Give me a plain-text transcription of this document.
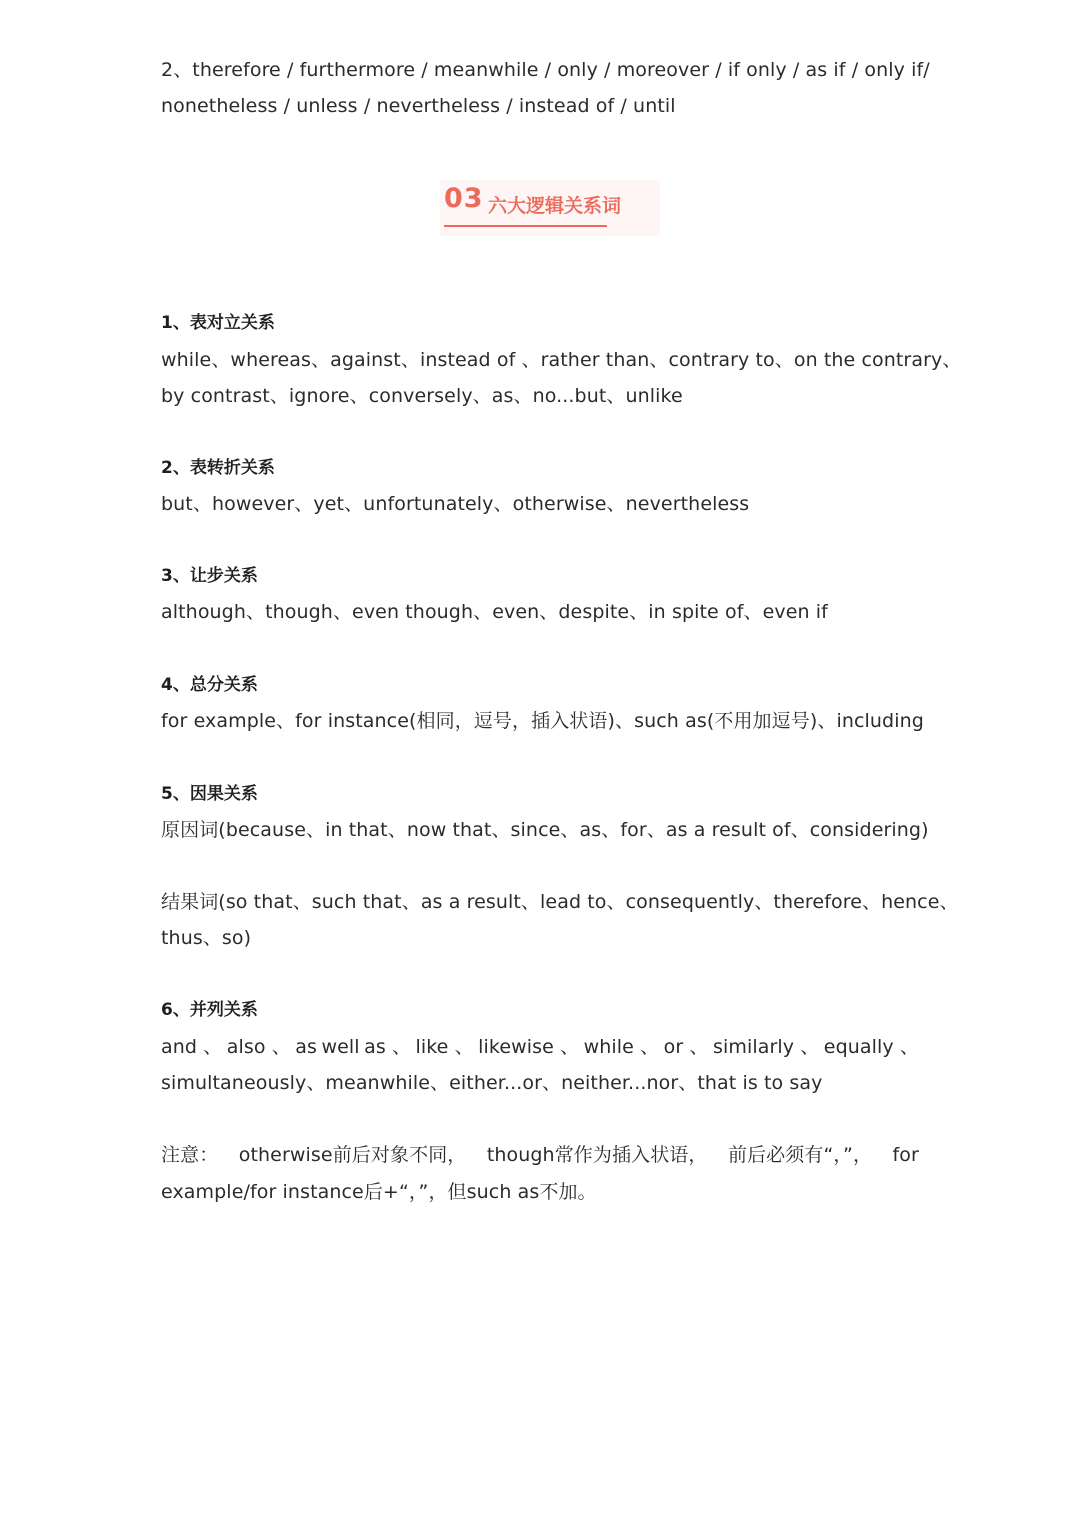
2、therefore / furthermore / meanwhile / only / moreover / if only / as if / only if/
nonetheless / unless / nevertheless / instead of / until
03 六大逻辑关系词
1、表对立关系
while、whereas、against、instead of 、rather than、contrary to、on the contrary、
by contrast、ignore、conversely、as、no...but、unlike
2、表转折关系
but、however、yet、unfortunately、otherwise、nevertheless
3、让步关系
although、though、even though、even、despite、in spite of、even if
4、总分关系
for example、for instance(相同，逗号，插入状语)、such as(不用加逗号)、including
5、因果关系
原因词(because、in that、now that、since、as、for、as a result of、considering)
结果词(so that、such that、as a result、lead to、consequently、therefore、hence、
thus、so)
6、并列关系
and 、 also 、 as well as 、 like 、 likewise 、 while 、 or 、 similarly 、 equally 、
simultaneously、meanwhile、either...or、neither...nor、that is to say
注意： otherwise前后对象不同， though常作为插入状语， 前后必须有“，”， for
example/for instance后+“，”，但such as不加。
